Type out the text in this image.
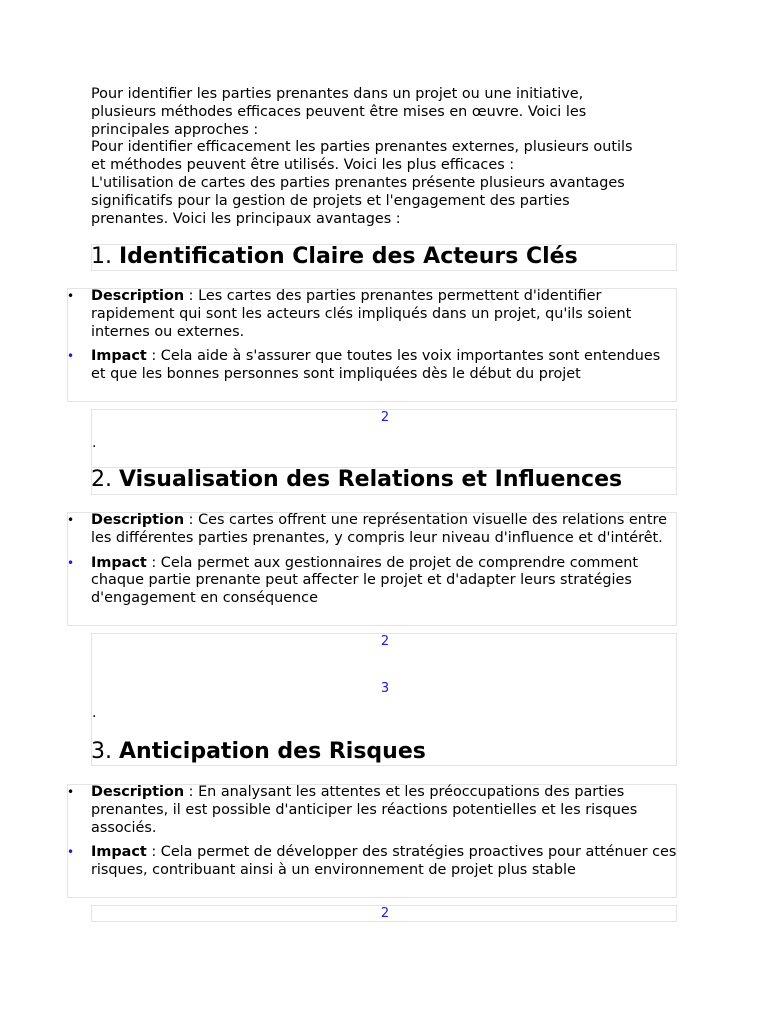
Pour identifier les parties prenantes dans un projet ou une initiative,
plusieurs méthodes efficaces peuvent être mises en œuvre. Voici les
principales approches :
Pour identifier efficacement les parties prenantes externes, plusieurs outils
et méthodes peuvent être utilisés. Voici les plus efficaces :
L'utilisation de cartes des parties prenantes présente plusieurs avantages
significatifs pour la gestion de projets et l'engagement des parties
prenantes. Voici les principaux avantages :
1. Identification Claire des Acteurs Clés
• Description : Les cartes des parties prenantes permettent d'identifier rapidement qui sont les acteurs clés impliqués dans un projet, qu'ils soient internes ou externes.
• Impact : Cela aide à s'assurer que toutes les voix importantes sont entendues et que les bonnes personnes sont impliquées dès le début du projet
2
.
2. Visualisation des Relations et Influences
• Description : Ces cartes offrent une représentation visuelle des relations entre les différentes parties prenantes, y compris leur niveau d'influence et d'intérêt.
• Impact : Cela permet aux gestionnaires de projet de comprendre comment chaque partie prenante peut affecter le projet et d'adapter leurs stratégies d'engagement en conséquence
2
3
.
3. Anticipation des Risques
• Description : En analysant les attentes et les préoccupations des parties prenantes, il est possible d'anticiper les réactions potentielles et les risques associés.
• Impact : Cela permet de développer des stratégies proactives pour atténuer ces risques, contribuant ainsi à un environnement de projet plus stable
2
